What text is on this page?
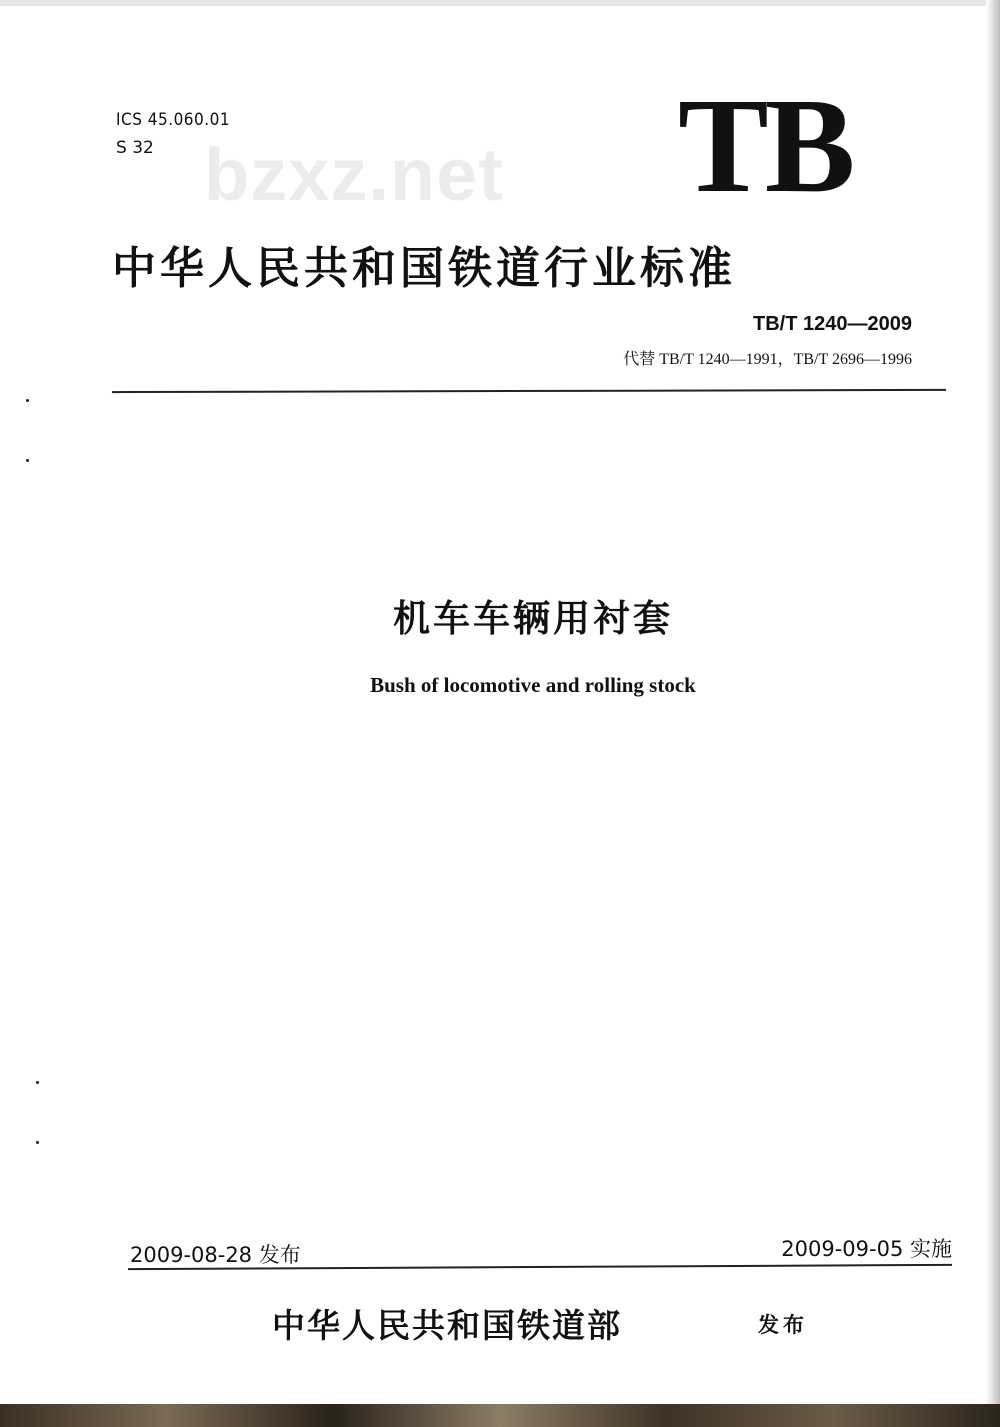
ICS 45.060.01
S 32 bzxz.net TB
中华人民共和国铁道行业标准
TB/T 1240—2009
代替 TB/T 1240—1991，TB/T 2696—1996
机车车辆用衬套
Bush of locomotive and rolling stock
2009-08-28 发布	2009-09-05 实施
中华人民共和国铁道部	发布
